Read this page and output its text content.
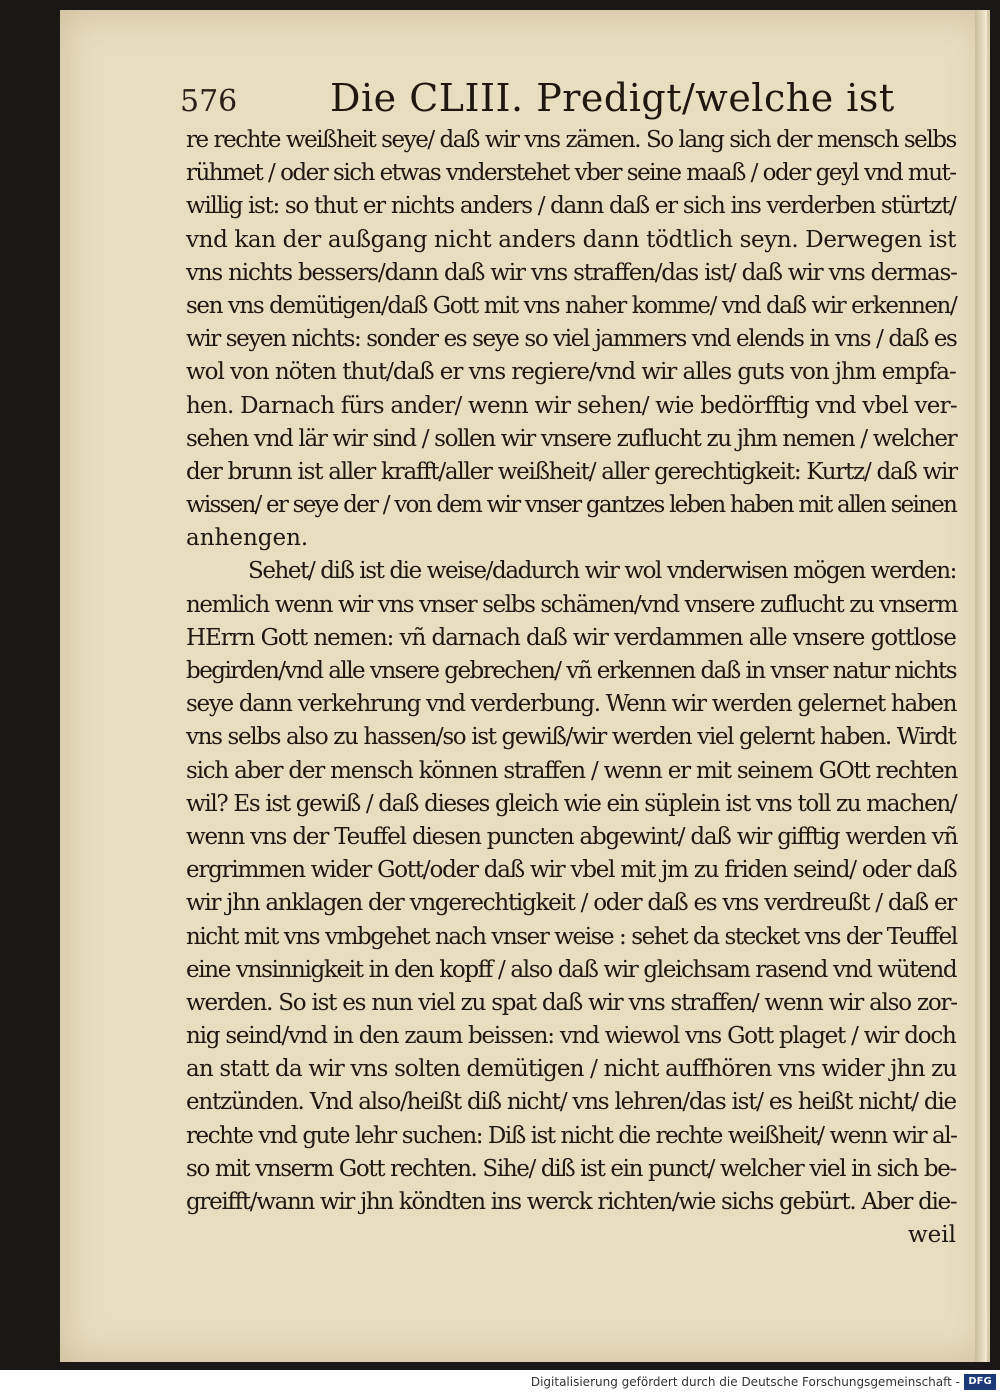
576 Die CLIII. Predigt/welche ist
re rechte weißheit seye/ daß wir vns zämen. So lang sich der mensch selbs
rühmet / oder sich etwas vnderstehet vber seine maaß / oder geyl vnd mut-
willig ist: so thut er nichts anders / dann daß er sich ins verderben stürtzt/
vnd kan der außgang nicht anders dann tödtlich seyn. Derwegen ist
vns nichts bessers/dann daß wir vns straffen/das ist/ daß wir vns dermas-
sen vns demütigen/daß Gott mit vns naher komme/ vnd daß wir erkennen/
wir seyen nichts: sonder es seye so viel jammers vnd elends in vns / daß es
wol von nöten thut/daß er vns regiere/vnd wir alles guts von jhm empfa-
hen. Darnach fürs ander/ wenn wir sehen/ wie bedörfftig vnd vbel ver-
sehen vnd lär wir sind / sollen wir vnsere zuflucht zu jhm nemen / welcher
der brunn ist aller krafft/aller weißheit/ aller gerechtigkeit: Kurtz/ daß wir
wissen/ er seye der / von dem wir vnser gantzes leben haben mit allen seinen
anhengen.
Sehet/ diß ist die weise/dadurch wir wol vnderwisen mögen werden:
nemlich wenn wir vns vnser selbs schämen/vnd vnsere zuflucht zu vnserm
HErrn Gott nemen: vñ darnach daß wir verdammen alle vnsere gottlose
begirden/vnd alle vnsere gebrechen/ vñ erkennen daß in vnser natur nichts
seye dann verkehrung vnd verderbung. Wenn wir werden gelernet haben
vns selbs also zu hassen/so ist gewiß/wir werden viel gelernt haben. Wirdt
sich aber der mensch können straffen / wenn er mit seinem GOtt rechten
wil? Es ist gewiß / daß dieses gleich wie ein süplein ist vns toll zu machen/
wenn vns der Teuffel diesen puncten abgewint/ daß wir gifftig werden vñ
ergrimmen wider Gott/oder daß wir vbel mit jm zu friden seind/ oder daß
wir jhn anklagen der vngerechtigkeit / oder daß es vns verdreußt / daß er
nicht mit vns vmbgehet nach vnser weise : sehet da stecket vns der Teuffel
eine vnsinnigkeit in den kopff / also daß wir gleichsam rasend vnd wütend
werden. So ist es nun viel zu spat daß wir vns straffen/ wenn wir also zor-
nig seind/vnd in den zaum beissen: vnd wiewol vns Gott plaget / wir doch
an statt da wir vns solten demütigen / nicht auffhören vns wider jhn zu
entzünden. Vnd also/heißt diß nicht/ vns lehren/das ist/ es heißt nicht/ die
rechte vnd gute lehr suchen: Diß ist nicht die rechte weißheit/ wenn wir al-
so mit vnserm Gott rechten. Sihe/ diß ist ein punct/ welcher viel in sich be-
greifft/wann wir jhn köndten ins werck richten/wie sichs gebürt. Aber die-
weil
Digitalisierung gefördert durch die Deutsche Forschungsgemeinschaft - DFG
